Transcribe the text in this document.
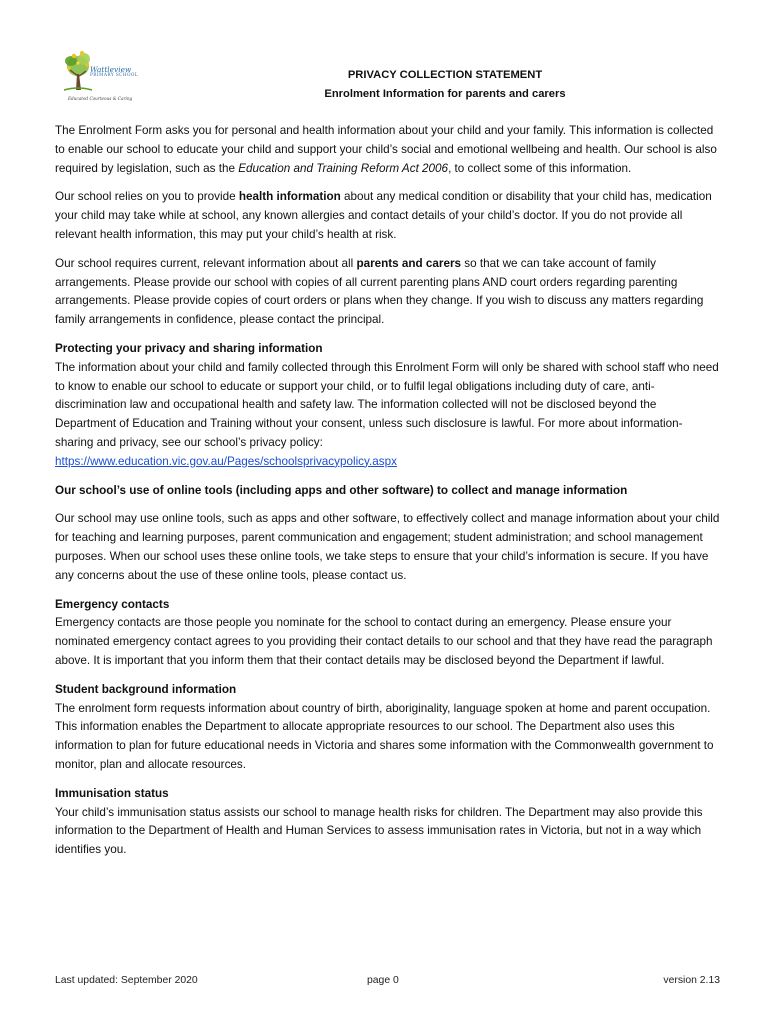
Wattleview
PRIMARY SCHOOL
Educated Courteous & Caring
PRIVACY COLLECTION STATEMENT
Enrolment Information for parents and carers

The Enrolment Form asks you for personal and health information about your child and your family. This information is collected to enable our school to educate your child and support your child’s social and emotional wellbeing and health. Our school is also required by legislation, such as the Education and Training Reform Act 2006, to collect some of this information.

Our school relies on you to provide health information about any medical condition or disability that your child has, medication your child may take while at school, any known allergies and contact details of your child’s doctor. If you do not provide all relevant health information, this may put your child’s health at risk.

Our school requires current, relevant information about all parents and carers so that we can take account of family arrangements. Please provide our school with copies of all current parenting plans AND court orders regarding parenting arrangements. Please provide copies of court orders or plans when they change. If you wish to discuss any matters regarding family arrangements in confidence, please contact the principal.

Protecting your privacy and sharing information

The information about your child and family collected through this Enrolment Form will only be shared with school staff who need to know to enable our school to educate or support your child, or to fulfil legal obligations including duty of care, anti-discrimination law and occupational health and safety law. The information collected will not be disclosed beyond the Department of Education and Training without your consent, unless such disclosure is lawful. For more about information-sharing and privacy, see our school’s privacy policy:
https://www.education.vic.gov.au/Pages/schoolsprivacypolicy.aspx

Our school’s use of online tools (including apps and other software) to collect and manage information

Our school may use online tools, such as apps and other software, to effectively collect and manage information about your child for teaching and learning purposes, parent communication and engagement; student administration; and school management purposes. When our school uses these online tools, we take steps to ensure that your child’s information is secure. If you have any concerns about the use of these online tools, please contact us.

Emergency contacts

Emergency contacts are those people you nominate for the school to contact during an emergency. Please ensure your nominated emergency contact agrees to you providing their contact details to our school and that they have read the paragraph above. It is important that you inform them that their contact details may be disclosed beyond the Department if lawful.

Student background information

The enrolment form requests information about country of birth, aboriginality, language spoken at home and parent occupation. This information enables the Department to allocate appropriate resources to our school. The Department also uses this information to plan for future educational needs in Victoria and shares some information with the Commonwealth government to monitor, plan and allocate resources.

Immunisation status

Your child’s immunisation status assists our school to manage health risks for children. The Department may also provide this information to the Department of Health and Human Services to assess immunisation rates in Victoria, but not in a way which identifies you.

Last updated: September 2020	page 0	version 2.13
